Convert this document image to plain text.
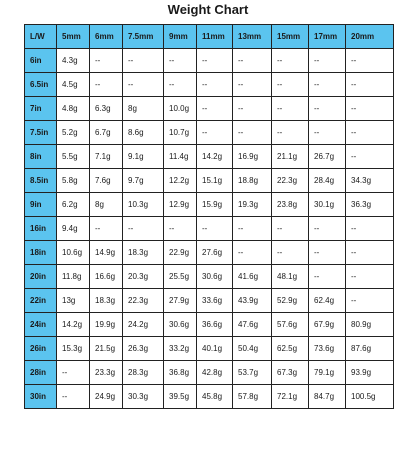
Weight Chart
L/W	5mm	6mm	7.5mm	9mm	11mm	13mm	15mm	17mm	20mm
6in	4.3g	--	--	--	--	--	--	--	--
6.5in	4.5g	--	--	--	--	--	--	--	--
7in	4.8g	6.3g	8g	10.0g	--	--	--	--	--
7.5in	5.2g	6.7g	8.6g	10.7g	--	--	--	--	--
8in	5.5g	7.1g	9.1g	11.4g	14.2g	16.9g	21.1g	26.7g	--
8.5in	5.8g	7.6g	9.7g	12.2g	15.1g	18.8g	22.3g	28.4g	34.3g
9in	6.2g	8g	10.3g	12.9g	15.9g	19.3g	23.8g	30.1g	36.3g
16in	9.4g	--	--	--	--	--	--	--	--
18in	10.6g	14.9g	18.3g	22.9g	27.6g	--	--	--	--
20in	11.8g	16.6g	20.3g	25.5g	30.6g	41.6g	48.1g	--	--
22in	13g	18.3g	22.3g	27.9g	33.6g	43.9g	52.9g	62.4g	--
24in	14.2g	19.9g	24.2g	30.6g	36.6g	47.6g	57.6g	67.9g	80.9g
26in	15.3g	21.5g	26.3g	33.2g	40.1g	50.4g	62.5g	73.6g	87.6g
28in	--	23.3g	28.3g	36.8g	42.8g	53.7g	67.3g	79.1g	93.9g
30in	--	24.9g	30.3g	39.5g	45.8g	57.8g	72.1g	84.7g	100.5g
